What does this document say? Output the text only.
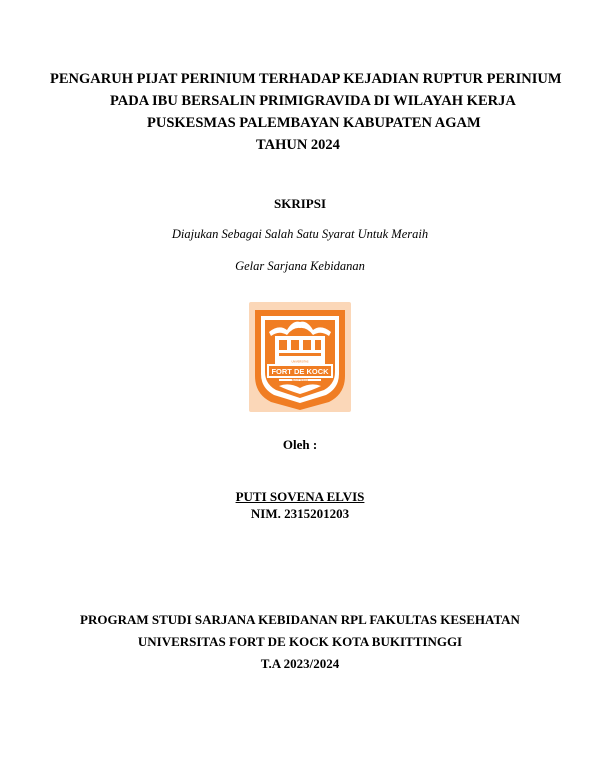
PENGARUH PIJAT PERINIUM TERHADAP KEJADIAN RUPTUR PERINIUM
PADA IBU BERSALIN PRIMIGRAVIDA DI WILAYAH KERJA
PUSKESMAS PALEMBAYAN KABUPATEN AGAM
TAHUN 2024
SKRIPSI
Diajukan Sebagai Salah Satu Syarat Untuk Meraih
Gelar Sarjana Kebidanan
FORT DE KOCK
UNIVERSITAS
BUKITTINGGI
Oleh :
PUTI SOVENA ELVIS
NIM. 2315201203
PROGRAM STUDI SARJANA KEBIDANAN RPL FAKULTAS KESEHATAN
UNIVERSITAS FORT DE KOCK KOTA BUKITTINGGI
T.A 2023/2024
